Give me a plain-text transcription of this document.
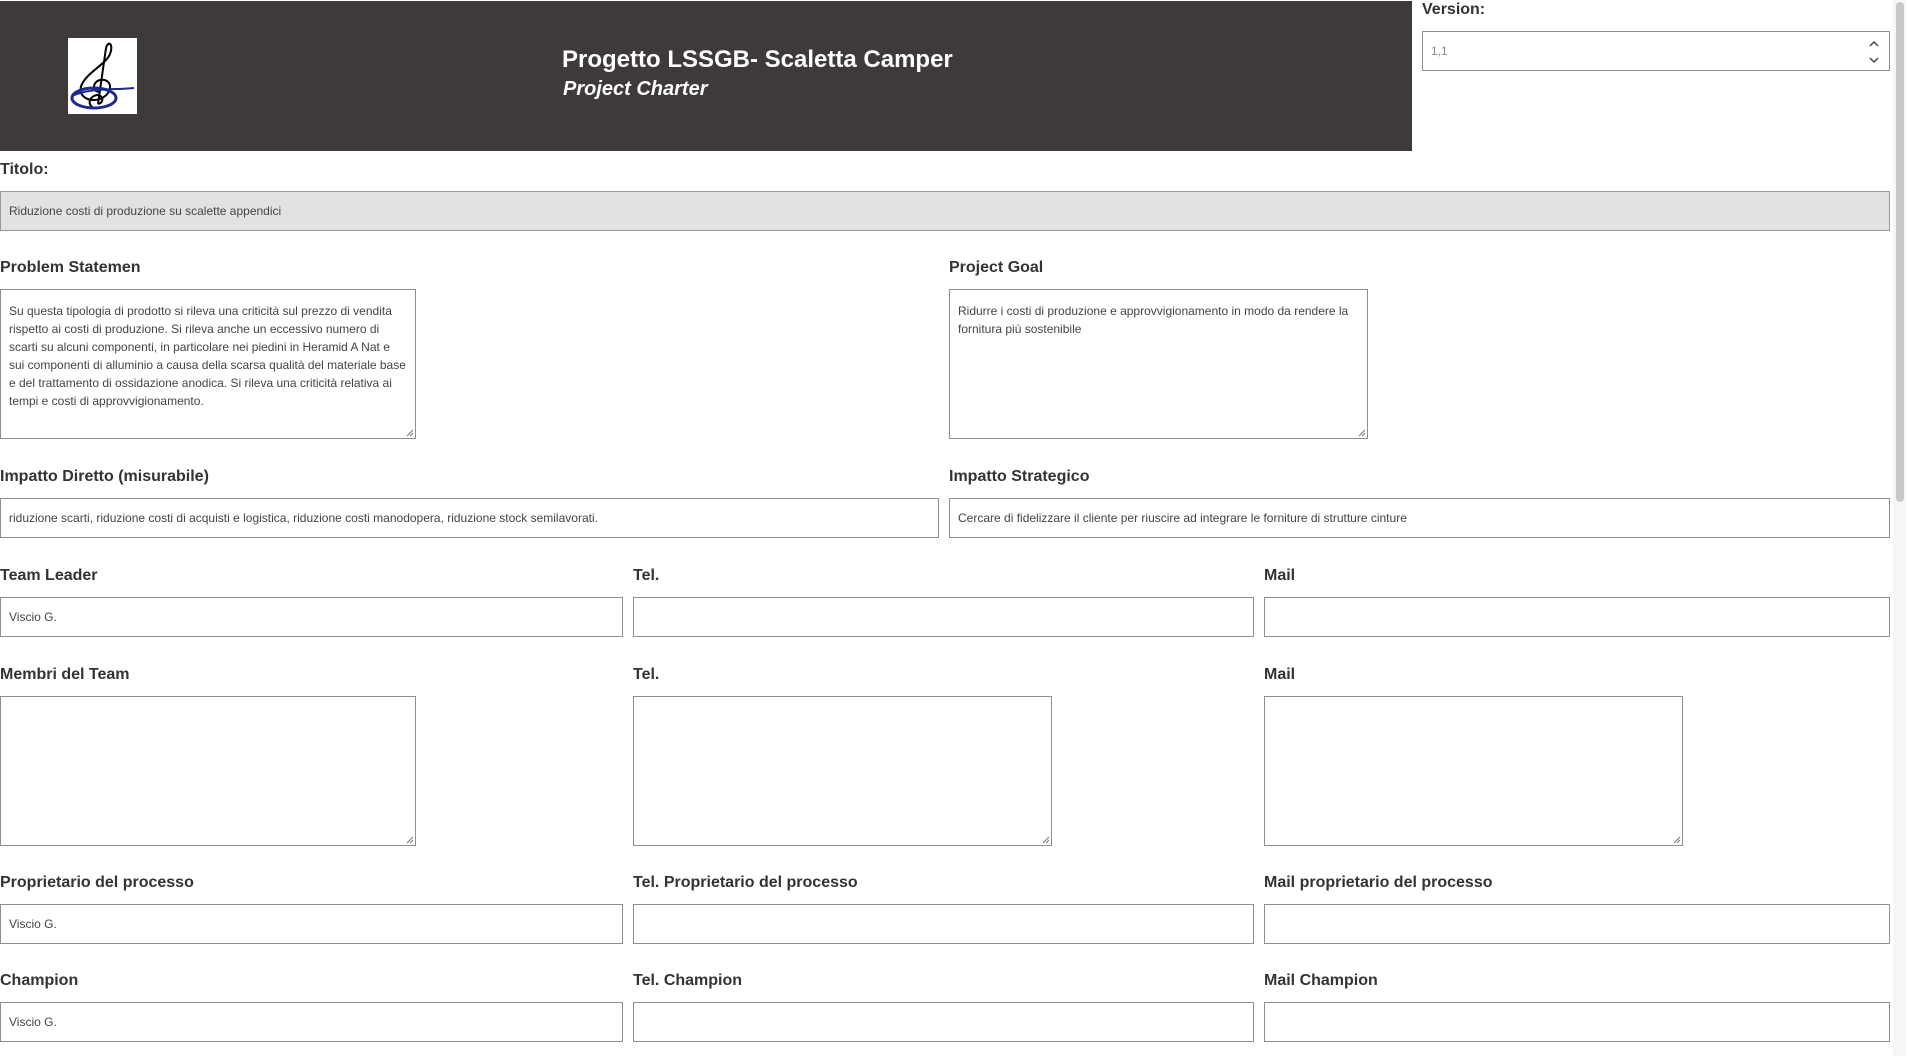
Progetto LSSGB- Scaletta Camper
Project Charter
Version:
1,1
Titolo:
Riduzione costi di produzione su scalette appendici
Problem Statemen
Su questa tipologia di prodotto si rileva una criticità sul prezzo di vendita rispetto ai costi di produzione. Si rileva anche un eccessivo numero di scarti su alcuni componenti, in particolare nei piedini in Heramid A Nat e sui componenti di alluminio a causa della scarsa qualità del materiale base e del trattamento di ossidazione anodica. Si rileva una criticità relativa ai tempi e costi di approvvigionamento.
Project Goal
Ridurre i costi di produzione e approvvigionamento in modo da rendere la fornitura più sostenibile
Impatto Diretto (misurabile)
riduzione scarti, riduzione costi di acquisti e logistica, riduzione costi manodopera, riduzione stock semilavorati.
Impatto Strategico
Cercare di fidelizzare il cliente per riuscire ad integrare le forniture di strutture cinture
Team Leader
Viscio G.
Tel.	Mail
Membri del Team	Tel.	Mail
Proprietario del processo
Viscio G.
Tel. Proprietario del processo	Mail proprietario del processo
Champion
Viscio G.
Tel. Champion	Mail Champion
